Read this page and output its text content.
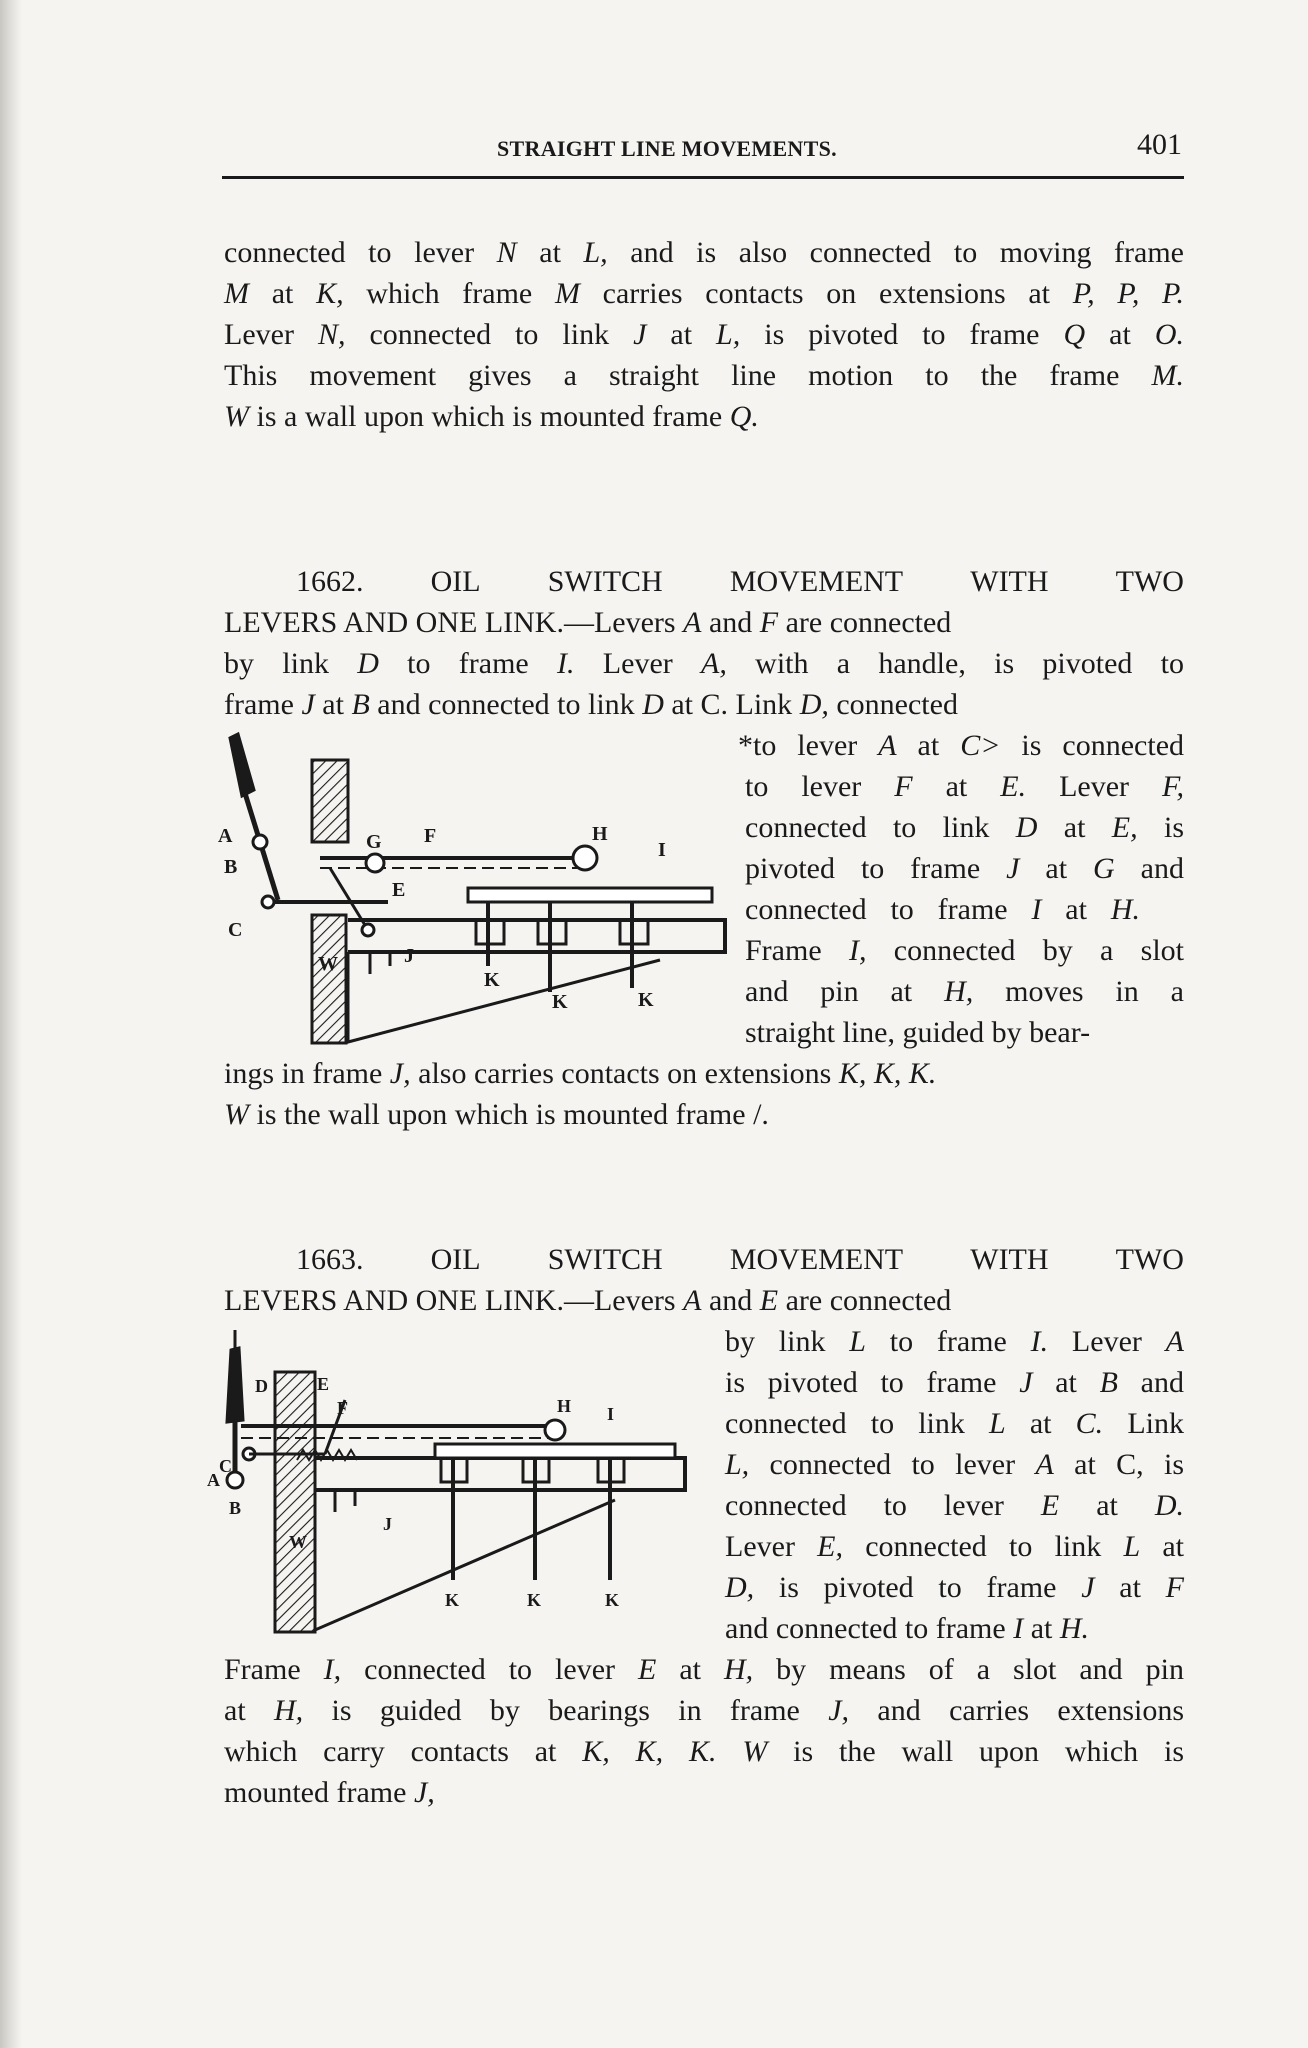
STRAIGHT LINE MOVEMENTS.	401
connected to lever N at L, and is also connected to moving frame
M at K, which frame M carries contacts on extensions at P, P, P.
Lever N, connected to link J at L, is pivoted to frame Q at O.
This movement gives a straight line motion to the frame M.
W is a wall upon which is mounted frame Q.
1662. OIL SWITCH MOVEMENT WITH TWO
LEVERS AND ONE LINK.—Levers A and F are connected
by link D to frame I. Lever A, with a handle, is pivoted to
frame J at B and connected to link D at C. Link D, connected
*to lever A at C> is connected
to lever F at E. Lever F,
connected to link D at E, is
pivoted to frame J at G and
connected to frame I at H.
Frame I, connected by a slot
and pin at H, moves in a
straight line, guided by bear-
ings in frame J, also carries contacts on extensions K, K, K.
W is the wall upon which is mounted frame /.
A
B
C
G F	H
I
E
J
W
K
K	K
1663. OIL SWITCH MOVEMENT WITH TWO
LEVERS AND ONE LINK.—Levers A and E are connected
by link L to frame I. Lever A
is pivoted to frame J at B and
connected to link L at C. Link
L, connected to lever A at C, is
connected to lever E at D.
Lever E, connected to link L at
D, is pivoted to frame J at F
and connected to frame I at H.
Frame I, connected to lever E at H, by means of a slot and pin
at H, is guided by bearings in frame J, and carries extensions
which carry contacts at K, K, K. W is the wall upon which is
mounted frame J,
D	E
F	H I
A
C
B
W
J
K	K	K
